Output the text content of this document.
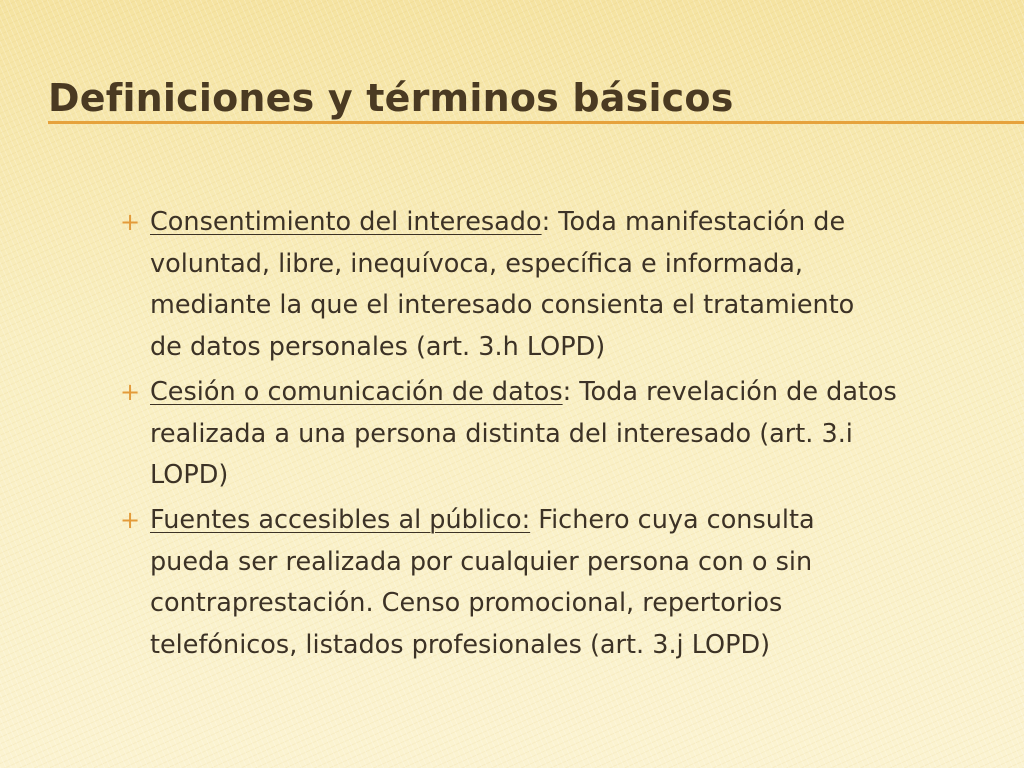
Definiciones y términos básicos
+ Consentimiento del interesado: Toda manifestación de
voluntad, libre, inequívoca, específica e informada,
mediante la que el interesado consienta el tratamiento
de datos personales (art. 3.h LOPD)
+ Cesión o comunicación de datos: Toda revelación de datos
realizada a una persona distinta del interesado (art. 3.i
LOPD)
+ Fuentes accesibles al público: Fichero cuya consulta
pueda ser realizada por cualquier persona con o sin
contraprestación. Censo promocional, repertorios
telefónicos, listados profesionales (art. 3.j LOPD)
